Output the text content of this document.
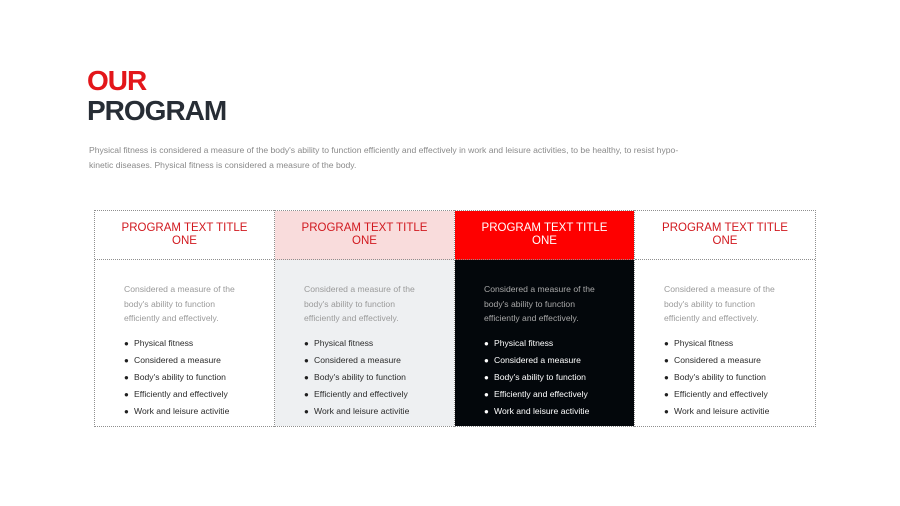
OUR
PROGRAM
Physical fitness is considered a measure of the body's ability to function efficiently and effectively in work and leisure activities, to be healthy, to resist hypo-kinetic diseases. Physical fitness is considered a measure of the body.
PROGRAM TEXT TITLE ONE
Considered a measure of the body's ability to function efficiently and effectively.
● Physical fitness
● Considered a measure
● Body's ability to function
● Efficiently and effectively
● Work and leisure activitie
PROGRAM TEXT TITLE ONE
Considered a measure of the body's ability to function efficiently and effectively.
● Physical fitness
● Considered a measure
● Body's ability to function
● Efficiently and effectively
● Work and leisure activitie
PROGRAM TEXT TITLE ONE
Considered a measure of the body's ability to function efficiently and effectively.
● Physical fitness
● Considered a measure
● Body's ability to function
● Efficiently and effectively
● Work and leisure activitie
PROGRAM TEXT TITLE ONE
Considered a measure of the body's ability to function efficiently and effectively.
● Physical fitness
● Considered a measure
● Body's ability to function
● Efficiently and effectively
● Work and leisure activitie
